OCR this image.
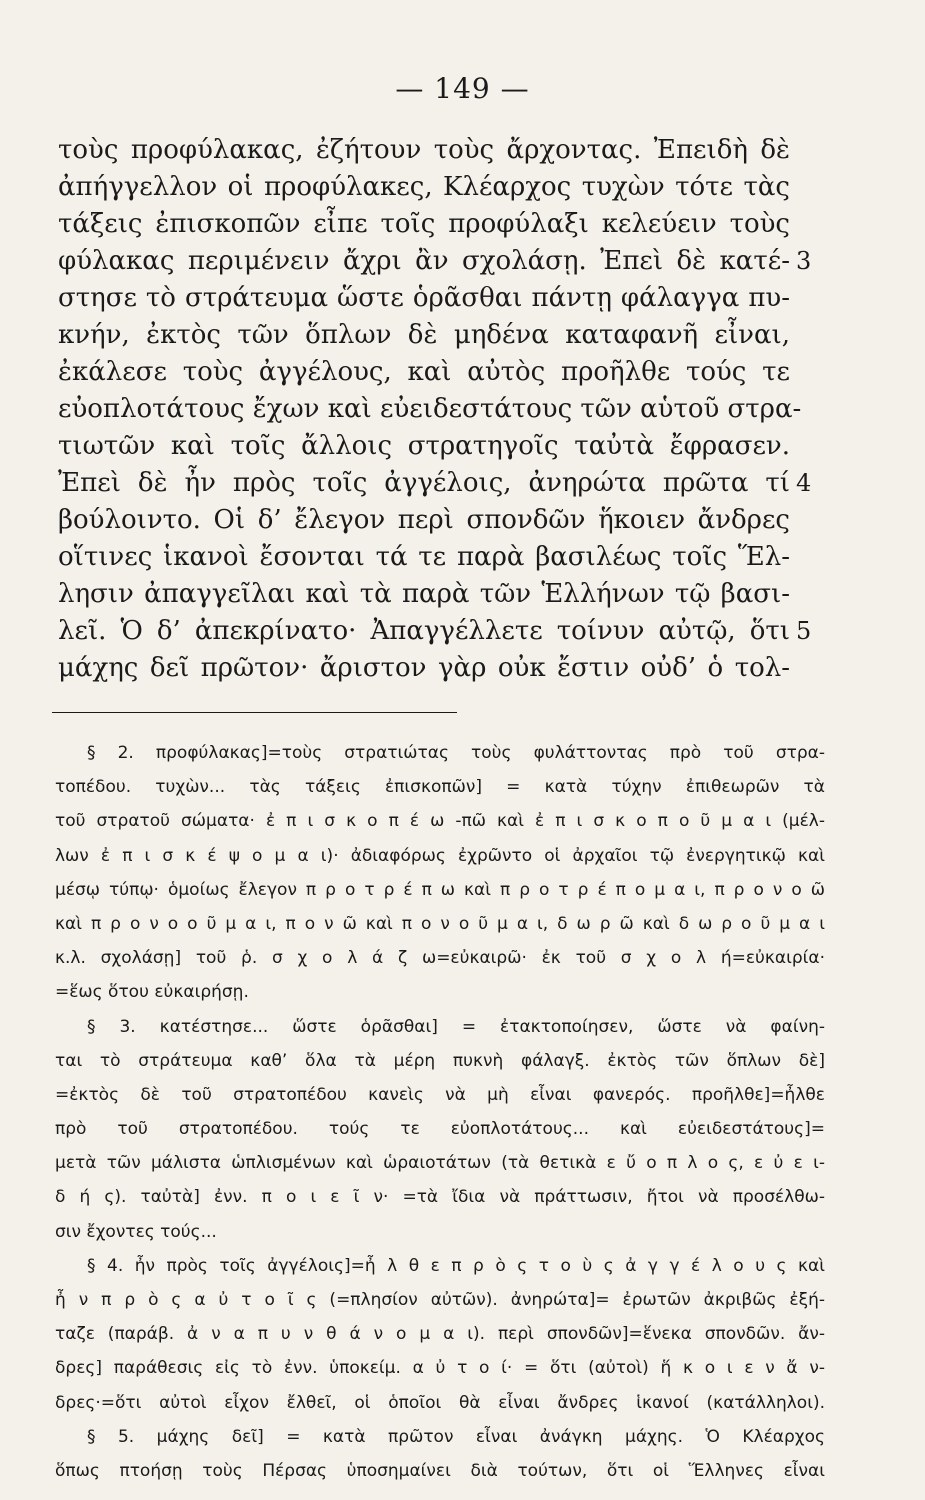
— 149 —
τοὺς προφύλακας, ἐζήτουν τοὺς ἄρχοντας. Ἐπειδὴ δὲ
ἀπήγγελλον οἱ προφύλακες, Κλέαρχος τυχὼν τότε τὰς
τάξεις ἐπισκοπῶν εἶπε τοῖς προφύλαξι κελεύειν τοὺς
φύλακας περιμένειν ἄχρι ἂν σχολάσῃ. Ἐπεὶ δὲ κατέ-
στησε τὸ στράτευμα ὥστε ὁρᾶσθαι πάντῃ φάλαγγα πυ-
κνήν, ἐκτὸς τῶν ὅπλων δὲ μηδένα καταφανῆ εἶναι,
ἐκάλεσε τοὺς ἀγγέλους, καὶ αὐτὸς προῆλθε τούς τε
εὐοπλοτάτους ἔχων καὶ εὐειδεστάτους τῶν αὑτοῦ στρα-
τιωτῶν καὶ τοῖς ἄλλοις στρατηγοῖς ταὐτὰ ἔφρασεν.
Ἐπεὶ δὲ ἦν πρὸς τοῖς ἀγγέλοις, ἀνηρώτα πρῶτα τί
βούλοιντο. Οἱ δ’ ἔλεγον περὶ σπονδῶν ἥκοιεν ἄνδρες
οἵτινες ἱκανοὶ ἔσονται τά τε παρὰ βασιλέως τοῖς Ἕλ-
λησιν ἀπαγγεῖλαι καὶ τὰ παρὰ τῶν Ἑλλήνων τῷ βασι-
λεῖ. Ὁ δ’ ἀπεκρίνατο· Ἀπαγγέλλετε τοίνυν αὐτῷ, ὅτι
μάχης δεῖ πρῶτον· ἄριστον γὰρ οὐκ ἔστιν οὐδ’ ὁ τολ-
3
4
5
§ 2. προφύλακας]=τοὺς στρατιώτας τοὺς φυλάττοντας πρὸ τοῦ στρα-
τοπέδου. τυχὼν... τὰς τάξεις ἐπισκοπῶν] = κατὰ τύχην ἐπιθεωρῶν τὰ
τοῦ στρατοῦ σώματα· ἐ π ι σ κ ο π έ ω -πῶ καὶ ἐ π ι σ κ ο π ο ῦ μ α ι (μέλ-
λων ἐ π ι σ κ έ ψ ο μ α ι)· ἀδιαφόρως ἐχρῶντο οἱ ἀρχαῖοι τῷ ἐνεργητικῷ καὶ
μέσῳ τύπῳ· ὁμοίως ἔλεγον π ρ ο τ ρ έ π ω καὶ π ρ ο τ ρ έ π ο μ α ι, π ρ ο ν ο ῶ
καὶ π ρ ο ν ο ο ῦ μ α ι, π ο ν ῶ καὶ π ο ν ο ῦ μ α ι, δ ω ρ ῶ καὶ δ ω ρ ο ῦ μ α ι
κ.λ. σχολάσῃ] τοῦ ῥ. σ χ ο λ ά ζ ω=εὐκαιρῶ· ἐκ τοῦ σ χ ο λ ή=εὐκαιρία·
=ἕως ὅτου εὐκαιρήσῃ.
§ 3. κατέστησε... ὥστε ὁρᾶσθαι] = ἐτακτοποίησεν, ὥστε νὰ φαίνη-
ται τὸ στράτευμα καθ’ ὅλα τὰ μέρη πυκνὴ φάλαγξ. ἐκτὸς τῶν ὅπλων δὲ]
=ἐκτὸς δὲ τοῦ στρατοπέδου κανεὶς νὰ μὴ εἶναι φανερός. προῆλθε]=ἦλθε
πρὸ τοῦ στρατοπέδου. τούς τε εὐοπλοτάτους... καὶ εὐειδεστάτους]=
μετὰ τῶν μάλιστα ὡπλισμένων καὶ ὡραιοτάτων (τὰ θετικὰ ε ὔ ο π λ ο ς, ε ὐ ε ι-
δ ή ς). ταὐτὰ] ἐνν. π ο ι ε ῖ ν· =τὰ ἴδια νὰ πράττωσιν, ἤτοι νὰ προσέλθω-
σιν ἔχοντες τούς...
§ 4. ἦν πρὸς τοῖς ἀγγέλοις]=ἦ λ θ ε π ρ ὸ ς τ ο ὺ ς ἀ γ γ έ λ ο υ ς καὶ
ἦ ν π ρ ὸ ς α ὐ τ ο ῖ ς (=πλησίον αὐτῶν). ἀνηρώτα]= ἐρωτῶν ἀκριβῶς ἐξή-
ταζε (παράβ. ἀ ν α π υ ν θ ά ν ο μ α ι). περὶ σπονδῶν]=ἕνεκα σπονδῶν. ἄν-
δρες] παράθεσις εἰς τὸ ἐνν. ὑποκείμ. α ὐ τ ο ί· = ὅτι (αὐτοὶ) ἥ κ ο ι ε ν ἄ ν-
δρες·=ὅτι αὐτοὶ εἶχον ἔλθεῖ, οἱ ὁποῖοι θὰ εἶναι ἄνδρες ἱκανοί (κατάλληλοι).
§ 5. μάχης δεῖ] = κατὰ πρῶτον εἶναι ἀνάγκη μάχης. Ὁ Κλέαρχος
ὅπως πτοήσῃ τοὺς Πέρσας ὑποσημαίνει διὰ τούτων, ὅτι οἱ Ἕλληνες εἶναι
